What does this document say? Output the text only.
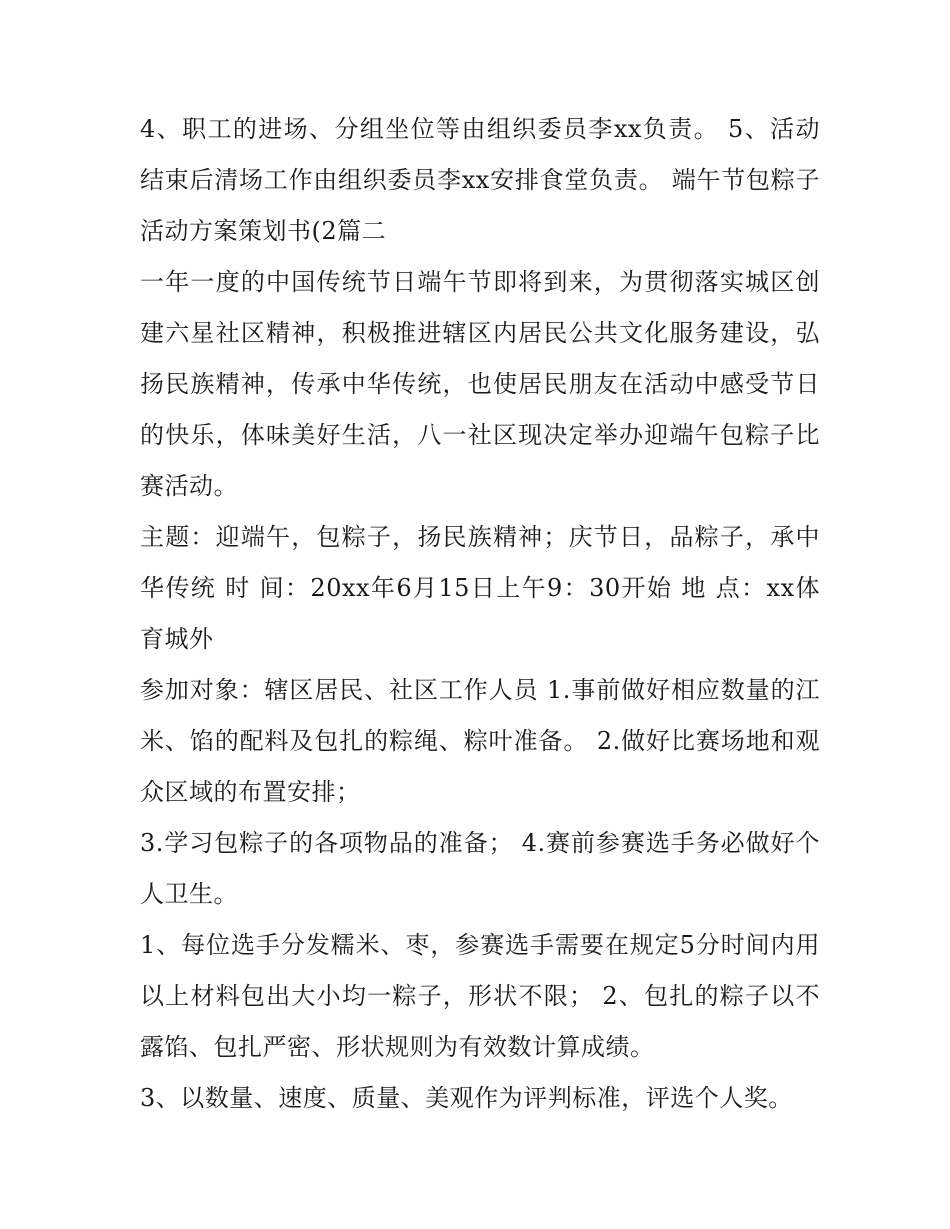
4、职工的进场、分组坐位等由组织委员李xx负责。 5、活动结束后清场工作由组织委员李xx安排食堂负责。 端午节包粽子活动方案策划书(2篇二

一年一度的中国传统节日端午节即将到来，为贯彻落实城区创建六星社区精神，积极推进辖区内居民公共文化服务建设，弘扬民族精神，传承中华传统，也使居民朋友在活动中感受节日的快乐，体味美好生活，八一社区现决定举办迎端午包粽子比赛活动。

主题：迎端午，包粽子，扬民族精神；庆节日，品粽子，承中华传统 时 间：20xx年6月15日上午9：30开始 地 点：xx体育城外

参加对象：辖区居民、社区工作人员 1.事前做好相应数量的江米、馅的配料及包扎的粽绳、粽叶准备。 2.做好比赛场地和观众区域的布置安排；

3.学习包粽子的各项物品的准备； 4.赛前参赛选手务必做好个人卫生。

1、每位选手分发糯米、枣，参赛选手需要在规定5分时间内用以上材料包出大小均一粽子，形状不限； 2、包扎的粽子以不露馅、包扎严密、形状规则为有效数计算成绩。

3、以数量、速度、质量、美观作为评判标准，评选个人奖。
